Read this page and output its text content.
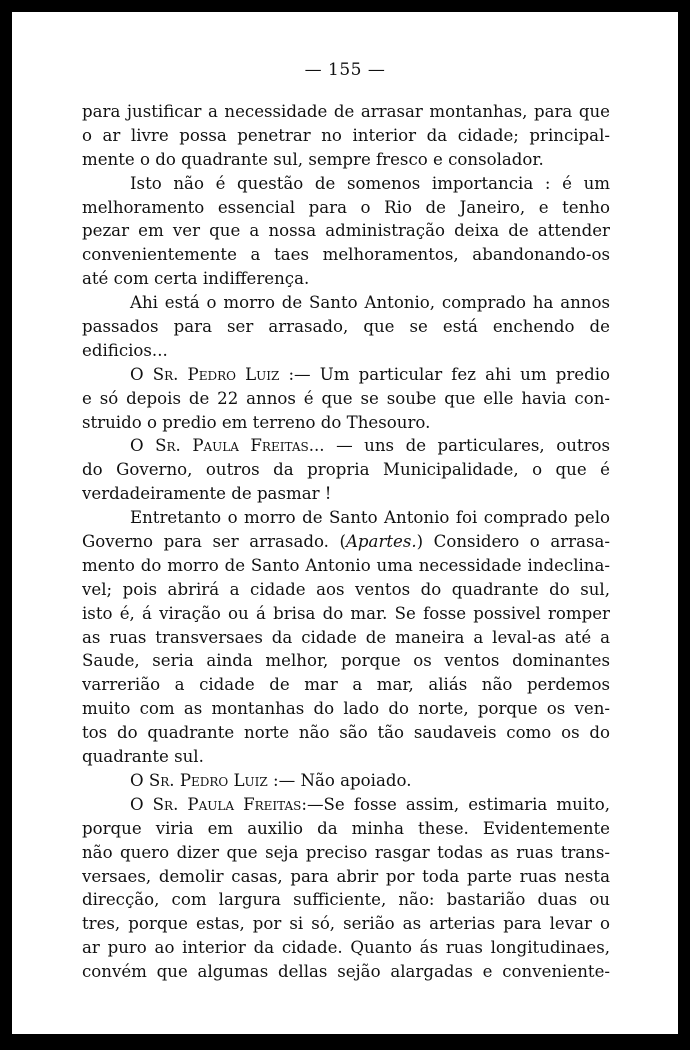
— 155 —
para justificar a necessidade de arrasar montanhas, para que
o ar livre possa penetrar no interior da cidade; principal-
mente o do quadrante sul, sempre fresco e consolador.
Isto não é questão de somenos importancia : é um
melhoramento essencial para o Rio de Janeiro, e tenho
pezar em ver que a nossa administração deixa de attender
convenientemente a taes melhoramentos, abandonando-os
até com certa indifferença.
Ahi está o morro de Santo Antonio, comprado ha annos
passados para ser arrasado, que se está enchendo de
edificios...
O Sr. Pedro Luiz :— Um particular fez ahi um predio
e só depois de 22 annos é que se soube que elle havia con-
struido o predio em terreno do Thesouro.
O Sr. Paula Freitas... — uns de particulares, outros
do Governo, outros da propria Municipalidade, o que é
verdadeiramente de pasmar !
Entretanto o morro de Santo Antonio foi comprado pelo
Governo para ser arrasado. (Apartes.) Considero o arrasa-
mento do morro de Santo Antonio uma necessidade indeclina-
vel; pois abrirá a cidade aos ventos do quadrante do sul,
isto é, á viração ou á brisa do mar. Se fosse possivel romper
as ruas transversaes da cidade de maneira a leval-as até a
Saude, seria ainda melhor, porque os ventos dominantes
varrerião a cidade de mar a mar, aliás não perdemos
muito com as montanhas do lado do norte, porque os ven-
tos do quadrante norte não são tão saudaveis como os do
quadrante sul.
O Sr. Pedro Luiz :— Não apoiado.
O Sr. Paula Freitas:—Se fosse assim, estimaria muito,
porque viria em auxilio da minha these. Evidentemente
não quero dizer que seja preciso rasgar todas as ruas trans-
versaes, demolir casas, para abrir por toda parte ruas nesta
direcção, com largura sufficiente, não: bastarião duas ou
tres, porque estas, por si só, serião as arterias para levar o
ar puro ao interior da cidade. Quanto ás ruas longitudinaes,
convém que algumas dellas sejão alargadas e conveniente-
